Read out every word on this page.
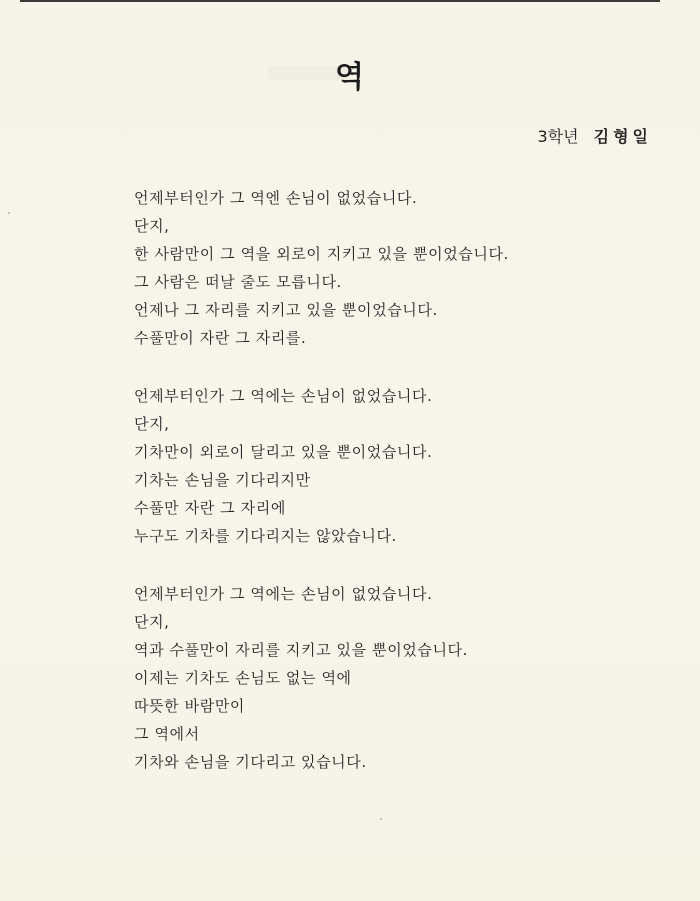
역
3학년 김형일
언제부터인가 그 역엔 손님이 없었습니다.
단지,
한 사람만이 그 역을 외로이 지키고 있을 뿐이었습니다.
그 사람은 떠날 줄도 모릅니다.
언제나 그 자리를 지키고 있을 뿐이었습니다.
수풀만이 자란 그 자리를.
언제부터인가 그 역에는 손님이 없었습니다.
단지,
기차만이 외로이 달리고 있을 뿐이었습니다.
기차는 손님을 기다리지만
수풀만 자란 그 자리에
누구도 기차를 기다리지는 않았습니다.
언제부터인가 그 역에는 손님이 없었습니다.
단지,
역과 수풀만이 자리를 지키고 있을 뿐이었습니다.
이제는 기차도 손님도 없는 역에
따뜻한 바람만이
그 역에서
기차와 손님을 기다리고 있습니다.
